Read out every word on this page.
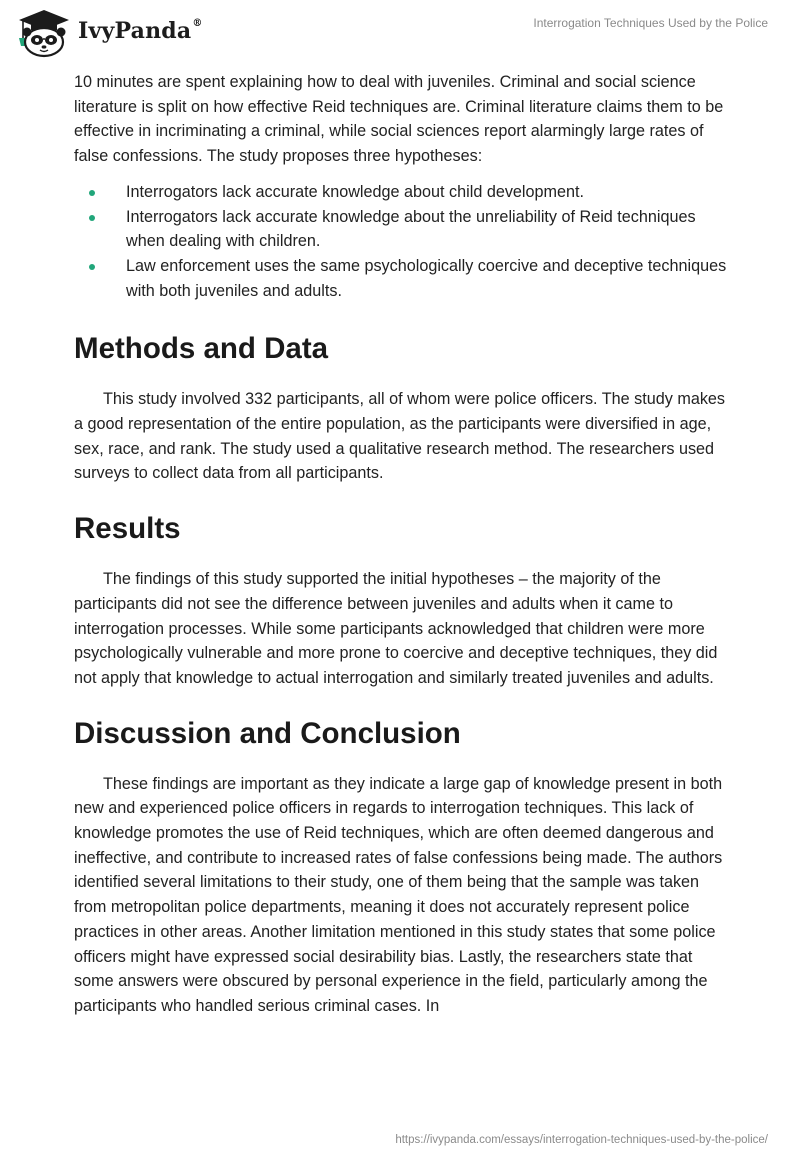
IvyPanda®	Interrogation Techniques Used by the Police

10 minutes are spent explaining how to deal with juveniles. Criminal and social science literature is split on how effective Reid techniques are. Criminal literature claims them to be effective in incriminating a criminal, while social sciences report alarmingly large rates of false confessions. The study proposes three hypotheses:

Interrogators lack accurate knowledge about child development.
Interrogators lack accurate knowledge about the unreliability of Reid techniques when dealing with children.
Law enforcement uses the same psychologically coercive and deceptive techniques with both juveniles and adults.
Methods and Data

This study involved 332 participants, all of whom were police officers. The study makes a good representation of the entire population, as the participants were diversified in age, sex, race, and rank. The study used a qualitative research method. The researchers used surveys to collect data from all participants.

Results

The findings of this study supported the initial hypotheses – the majority of the participants did not see the difference between juveniles and adults when it came to interrogation processes. While some participants acknowledged that children were more psychologically vulnerable and more prone to coercive and deceptive techniques, they did not apply that knowledge to actual interrogation and similarly treated juveniles and adults.

Discussion and Conclusion

These findings are important as they indicate a large gap of knowledge present in both new and experienced police officers in regards to interrogation techniques. This lack of knowledge promotes the use of Reid techniques, which are often deemed dangerous and ineffective, and contribute to increased rates of false confessions being made. The authors identified several limitations to their study, one of them being that the sample was taken from metropolitan police departments, meaning it does not accurately represent police practices in other areas. Another limitation mentioned in this study states that some police officers might have expressed social desirability bias. Lastly, the researchers state that some answers were obscured by personal experience in the field, particularly among the participants who handled serious criminal cases. In

https://ivypanda.com/essays/interrogation-techniques-used-by-the-police/
